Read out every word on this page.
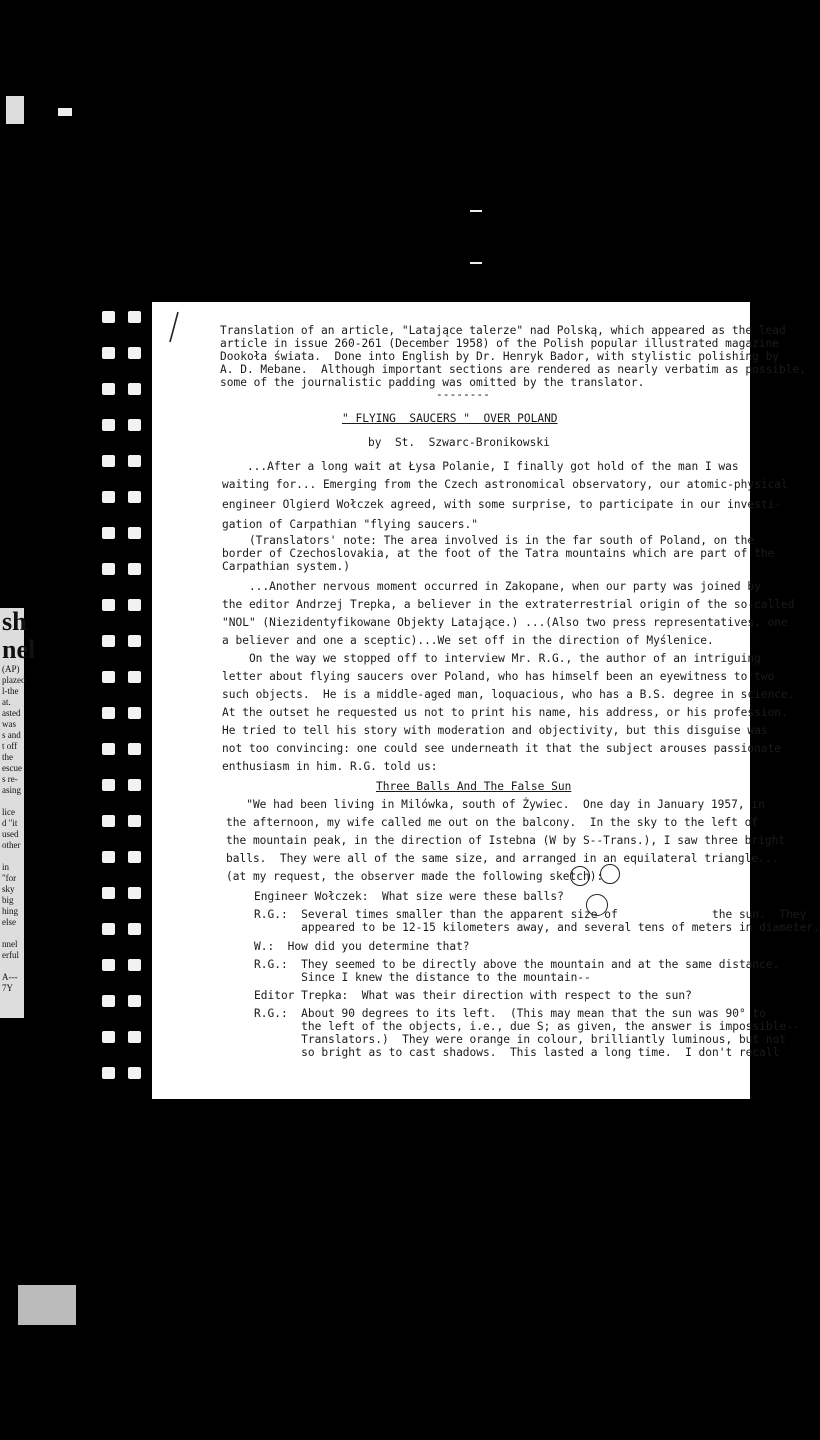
sh
nel
(AP)
plazed
l-the
at.
asted
was
s and
t off
the
escue
s re-
asing

lice
d "it
used
other

in
"for
sky
big
hing
else

nnel
erful

A---
7Y
Translation of an article, "Latające talerze" nad Polską, which appeared as the lead
article in issue 260-261 (December 1958) of the Polish popular illustrated magazine
Dookoła świata.  Done into English by Dr. Henryk Bador, with stylistic polishing by
A. D. Mebane.  Although important sections are rendered as nearly verbatim as possible,
some of the journalistic padding was omitted by the translator.
--------
" FLYING  SAUCERS "  OVER POLAND
by  St.  Szwarc-Bronikowski
...After a long wait at Łysa Polanie, I finally got hold of the man I was
waiting for... Emerging from the Czech astronomical observatory, our atomic-physical
engineer Olgierd Wołczek agreed, with some surprise, to participate in our investi-
gation of Carpathian "flying saucers."
(Translators' note: The area involved is in the far south of Poland, on the
border of Czechoslovakia, at the foot of the Tatra mountains which are part of the
Carpathian system.)
...Another nervous moment occurred in Zakopane, when our party was joined by
the editor Andrzej Trepka, a believer in the extraterrestrial origin of the so-called
"NOL" (Niezidentyfikowane Objekty Latające.) ...(Also two press representatives, one
a believer and one a sceptic)...We set off in the direction of Myślenice.
On the way we stopped off to interview Mr. R.G., the author of an intriguing
letter about flying saucers over Poland, who has himself been an eyewitness to two
such objects.  He is a middle-aged man, loquacious, who has a B.S. degree in science.
At the outset he requested us not to print his name, his address, or his profession.
He tried to tell his story with moderation and objectivity, but this disguise was
not too convincing: one could see underneath it that the subject arouses passionate
enthusiasm in him. R.G. told us:
Three Balls And The False Sun
"We had been living in Milówka, south of Żywiec.  One day in January 1957, in
the afternoon, my wife called me out on the balcony.  In the sky to the left of
the mountain peak, in the direction of Istebna (W by S--Trans.), I saw three bright
balls.  They were all of the same size, and arranged in an equilateral triangle...
(at my request, the observer made the following sketch):
Engineer Wołczek:  What size were these balls?
R.G.:  Several times smaller than the apparent size of              the sun.  They
appeared to be 12-15 kilometers away, and several tens of meters in diameter.
W.:  How did you determine that?
R.G.:  They seemed to be directly above the mountain and at the same distance.
Since I knew the distance to the mountain--
Editor Trepka:  What was their direction with respect to the sun?
R.G.:  About 90 degrees to its left.  (This may mean that the sun was 90° to
the left of the objects, i.e., due S; as given, the answer is impossible--
Translators.)  They were orange in colour, brilliantly luminous, but not
so bright as to cast shadows.  This lasted a long time.  I don't recall
